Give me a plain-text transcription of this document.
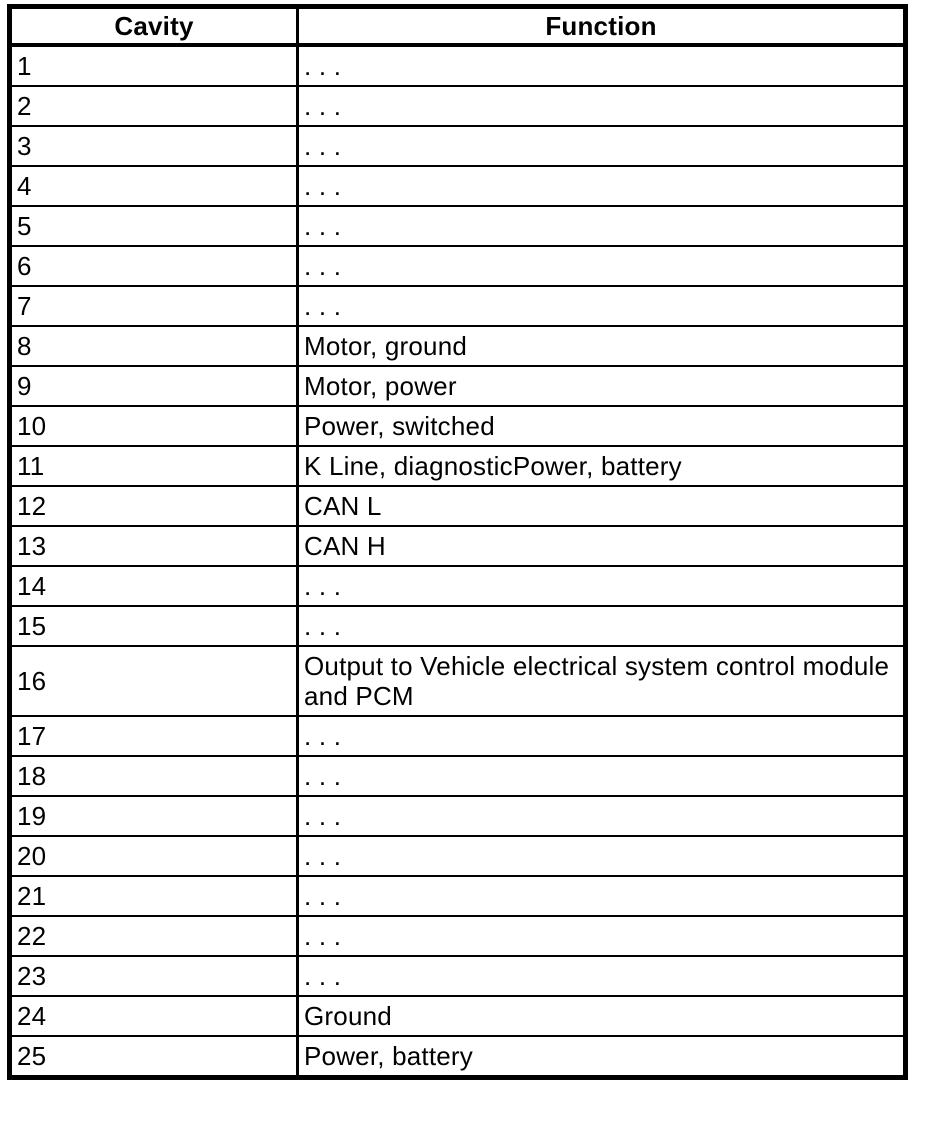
Cavity	Function
1	. . .
2	. . .
3	. . .
4	. . .
5	. . .
6	. . .
7	. . .
8	Motor, ground
9	Motor, power
10	Power, switched
11	K Line, diagnosticPower, battery
12	CAN L
13	CAN H
14	. . .
15	. . .
16	Output to Vehicle electrical system control module and PCM
17	. . .
18	. . .
19	. . .
20	. . .
21	. . .
22	. . .
23	. . .
24	Ground
25	Power, battery
